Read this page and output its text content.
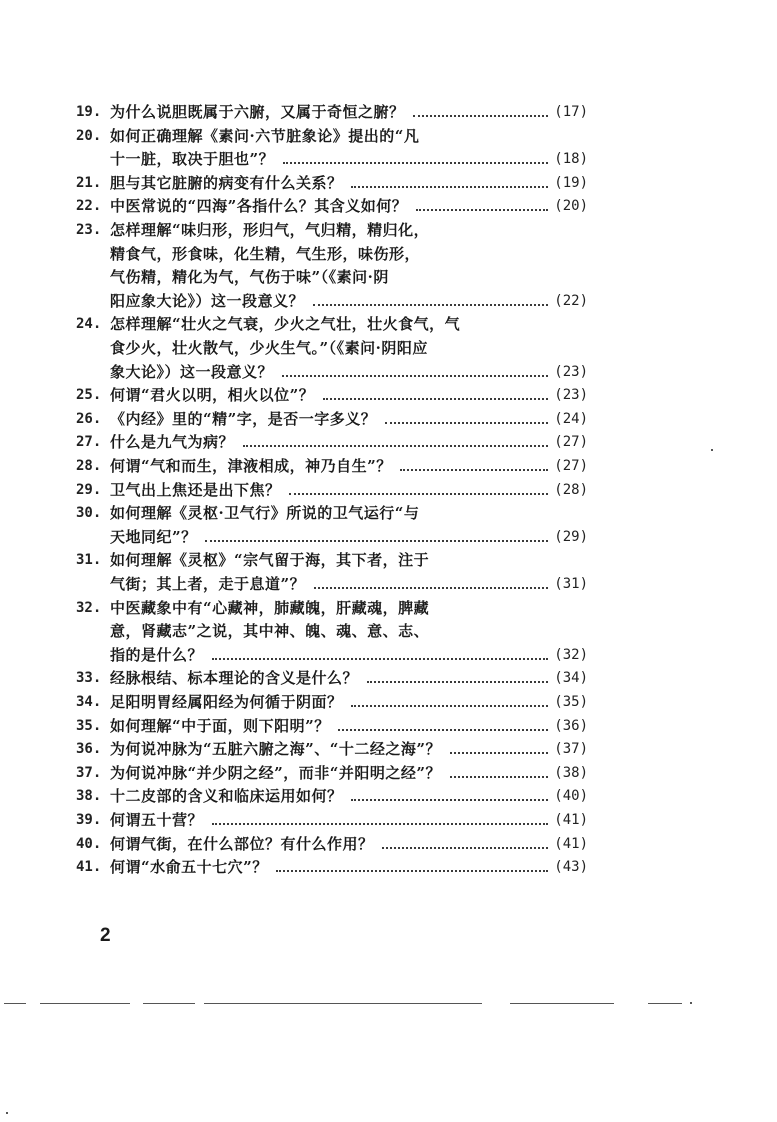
19. 为什么说胆既属于六腑，又属于奇恒之腑？	(17)
20. 如何正确理解《素问·六节脏象论》提出的“凡
十一脏，取决于胆也”？	(18)
21. 胆与其它脏腑的病变有什么关系？	(19)
22. 中医常说的“四海”各指什么？其含义如何？	(20)
23. 怎样理解“味归形，形归气，气归精，精归化，
精食气，形食味，化生精，气生形，味伤形，
气伤精，精化为气，气伤于味”（《素问·阴
阳应象大论》）这一段意义？	(22)
24. 怎样理解“壮火之气衰，少火之气壮，壮火食气，气
食少火，壮火散气，少火生气。”（《素问·阴阳应
象大论》）这一段意义？	(23)
25. 何谓“君火以明，相火以位”？	(23)
26. 《内经》里的“精”字，是否一字多义？	(24)
27. 什么是九气为病？	(27)
28. 何谓“气和而生，津液相成，神乃自生”？	(27)
29. 卫气出上焦还是出下焦？	(28)
30. 如何理解《灵枢·卫气行》所说的卫气运行“与
天地同纪”？	(29)
31. 如何理解《灵枢》“宗气留于海，其下者，注于
气街；其上者，走于息道”？	(31)
32. 中医藏象中有“心藏神，肺藏魄，肝藏魂，脾藏
意，肾藏志”之说，其中神、魄、魂、意、志、
指的是什么？	(32)
33. 经脉根结、标本理论的含义是什么？	(34)
34. 足阳明胃经属阳经为何循于阴面？	(35)
35. 如何理解“中于面，则下阳明”？	(36)
36. 为何说冲脉为“五脏六腑之海”、“十二经之海”？	(37)
37. 为何说冲脉“并少阴之经”，而非“并阳明之经”？	(38)
38. 十二皮部的含义和临床运用如何？	(40)
39. 何谓五十营？	(41)
40. 何谓气街，在什么部位？有什么作用？	(41)
41. 何谓“水俞五十七穴”？	(43)
2
